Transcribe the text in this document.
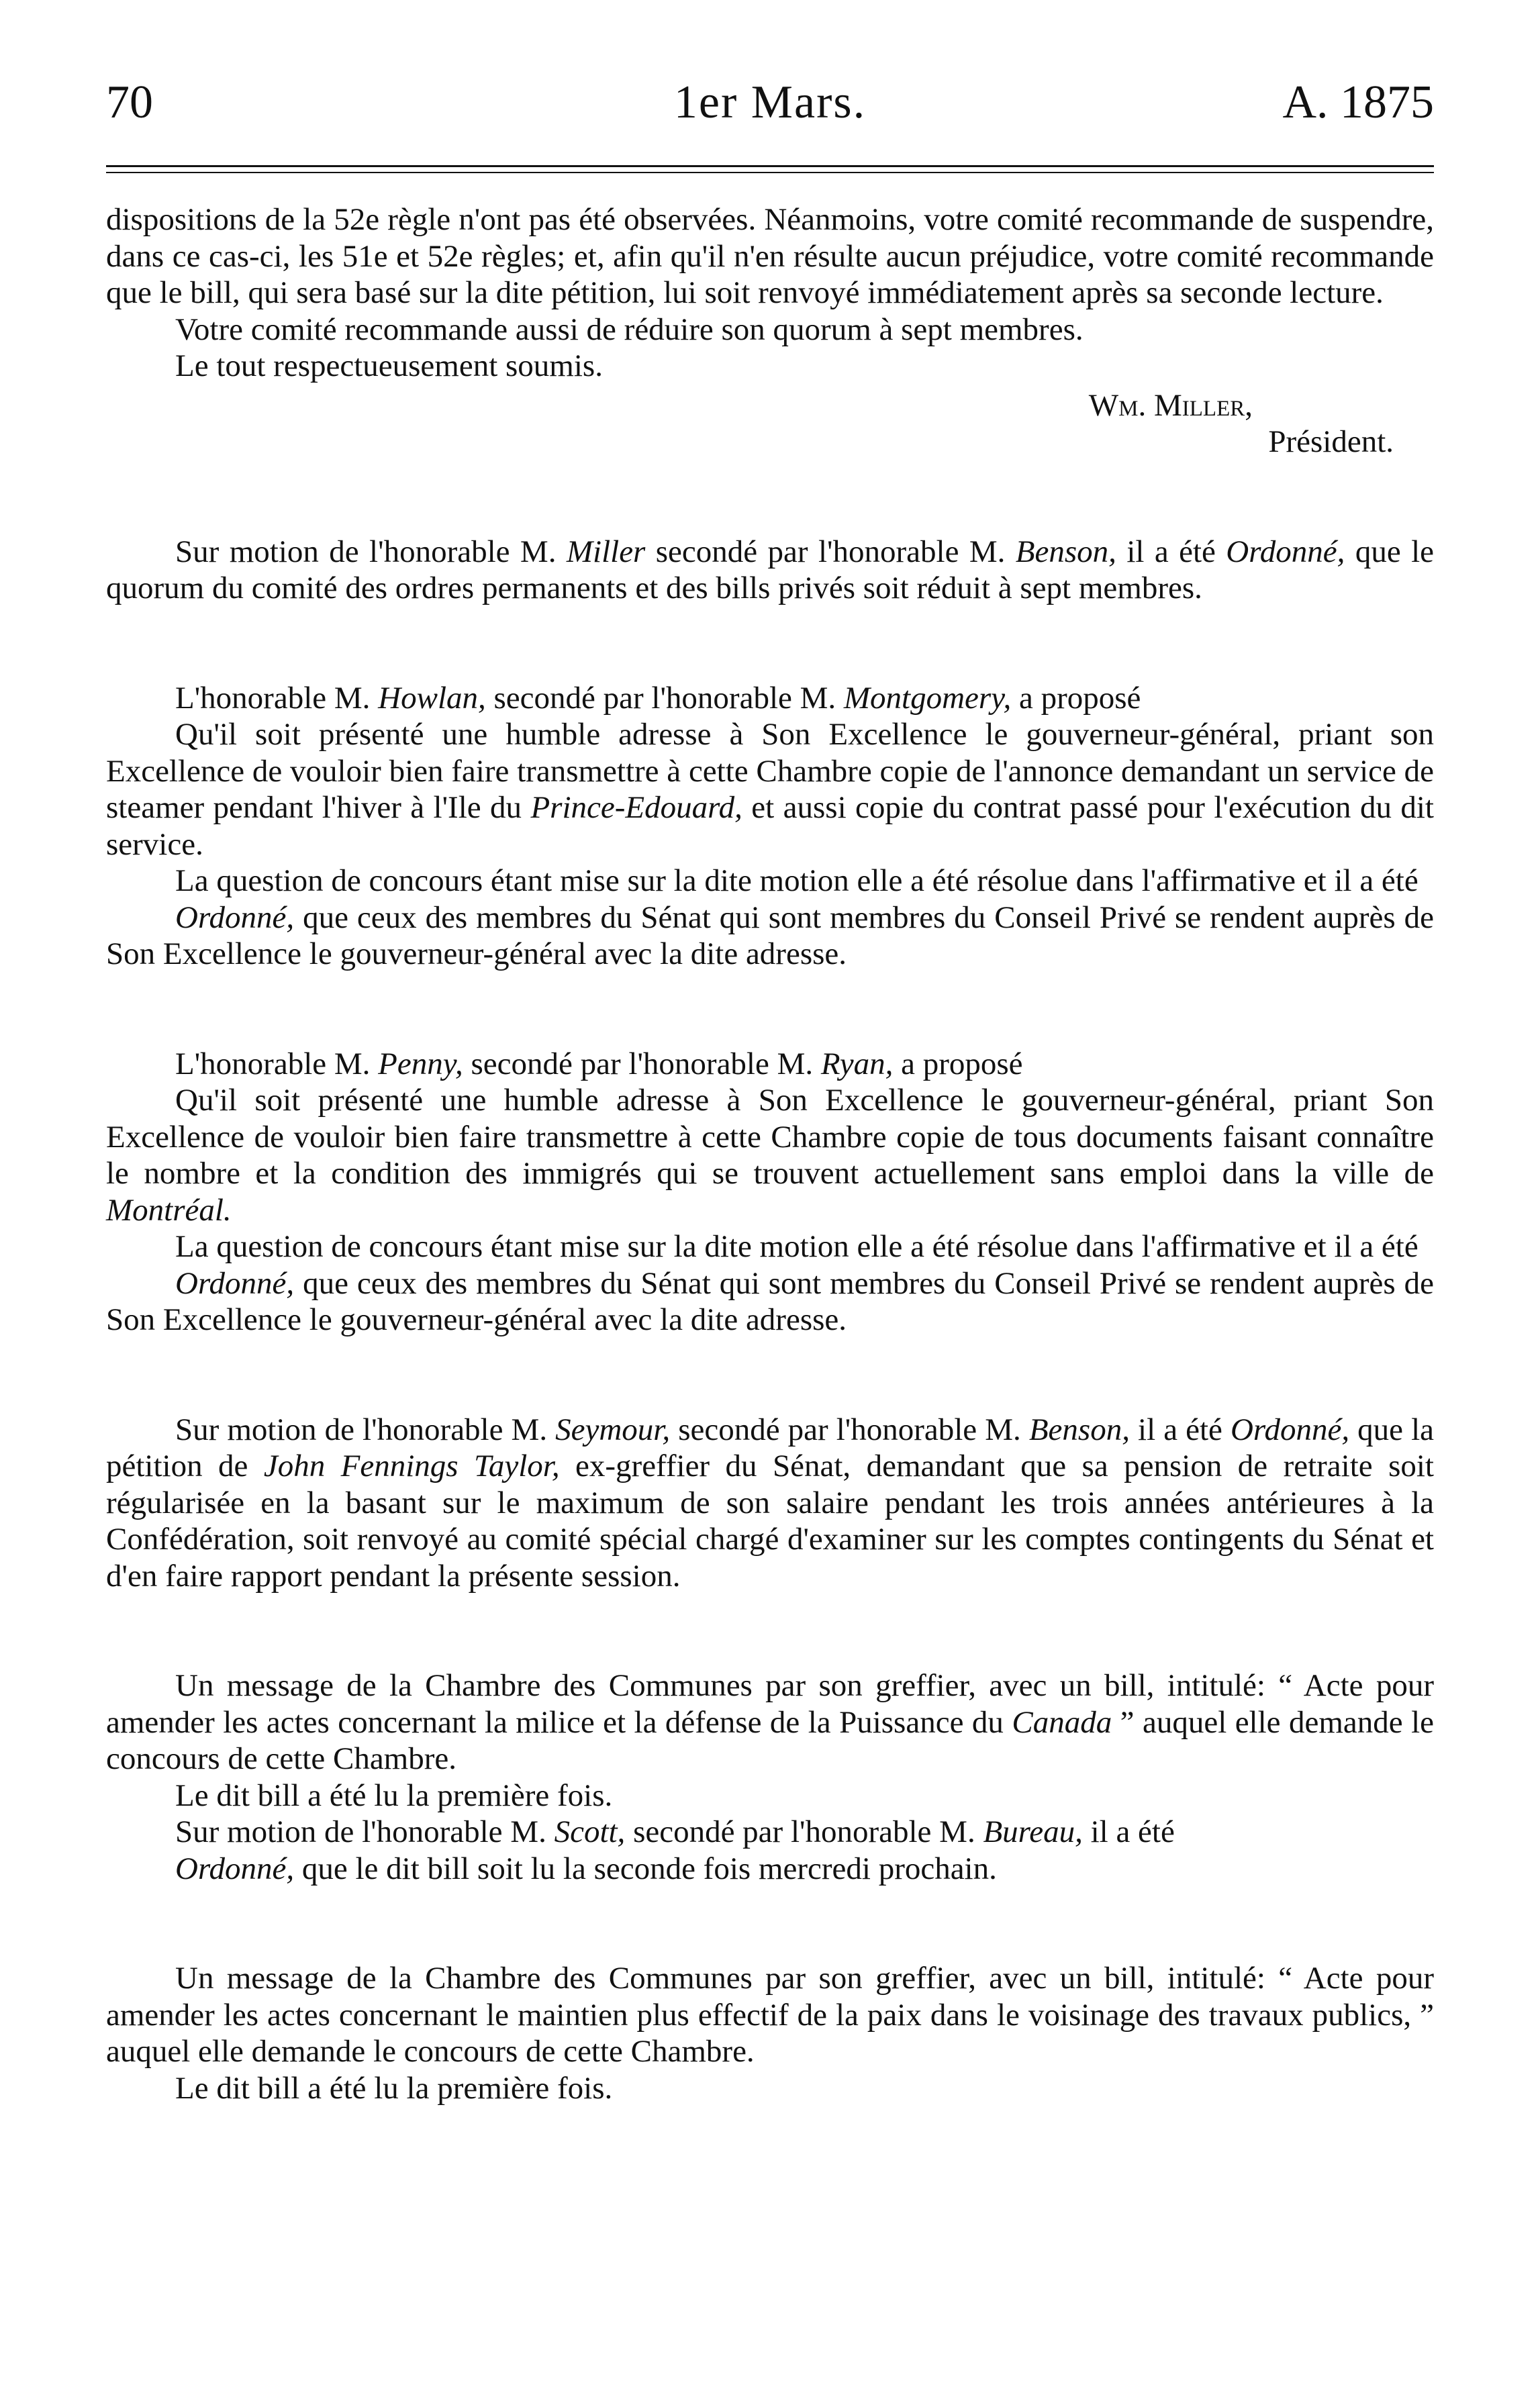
70	1er Mars.	A. 1875

dispositions de la 52e règle n'ont pas été observées. Néanmoins, votre comité recommande de suspendre, dans ce cas-ci, les 51e et 52e règles; et, afin qu'il n'en résulte aucun préjudice, votre comité recommande que le bill, qui sera basé sur la dite pétition, lui soit renvoyé immédiatement après sa seconde lecture.

Votre comité recommande aussi de réduire son quorum à sept membres.

Le tout respectueusement soumis.

Wm. Miller,

Président.

Sur motion de l'honorable M. Miller secondé par l'honorable M. Benson, il a été Ordonné, que le quorum du comité des ordres permanents et des bills privés soit réduit à sept membres.

L'honorable M. Howlan, secondé par l'honorable M. Montgomery, a proposé

Qu'il soit présenté une humble adresse à Son Excellence le gouverneur-général, priant son Excellence de vouloir bien faire transmettre à cette Chambre copie de l'annonce demandant un service de steamer pendant l'hiver à l'Ile du Prince-Edouard, et aussi copie du contrat passé pour l'exécution du dit service.

La question de concours étant mise sur la dite motion elle a été résolue dans l'affirmative et il a été

Ordonné, que ceux des membres du Sénat qui sont membres du Conseil Privé se rendent auprès de Son Excellence le gouverneur-général avec la dite adresse.

L'honorable M. Penny, secondé par l'honorable M. Ryan, a proposé

Qu'il soit présenté une humble adresse à Son Excellence le gouverneur-général, priant Son Excellence de vouloir bien faire transmettre à cette Chambre copie de tous documents faisant connaître le nombre et la condition des immigrés qui se trouvent actuellement sans emploi dans la ville de Montréal.

La question de concours étant mise sur la dite motion elle a été résolue dans l'affirmative et il a été

Ordonné, que ceux des membres du Sénat qui sont membres du Conseil Privé se rendent auprès de Son Excellence le gouverneur-général avec la dite adresse.

Sur motion de l'honorable M. Seymour, secondé par l'honorable M. Benson, il a été Ordonné, que la pétition de John Fennings Taylor, ex-greffier du Sénat, demandant que sa pension de retraite soit régularisée en la basant sur le maximum de son salaire pendant les trois années antérieures à la Confédération, soit renvoyé au comité spécial chargé d'examiner sur les comptes contingents du Sénat et d'en faire rapport pendant la présente session.

Un message de la Chambre des Communes par son greffier, avec un bill, intitulé: “ Acte pour amender les actes concernant la milice et la défense de la Puissance du Canada ” auquel elle demande le concours de cette Chambre.

Le dit bill a été lu la première fois.

Sur motion de l'honorable M. Scott, secondé par l'honorable M. Bureau, il a été

Ordonné, que le dit bill soit lu la seconde fois mercredi prochain.

Un message de la Chambre des Communes par son greffier, avec un bill, intitulé: “ Acte pour amender les actes concernant le maintien plus effectif de la paix dans le voisinage des travaux publics, ” auquel elle demande le concours de cette Chambre.

Le dit bill a été lu la première fois.
